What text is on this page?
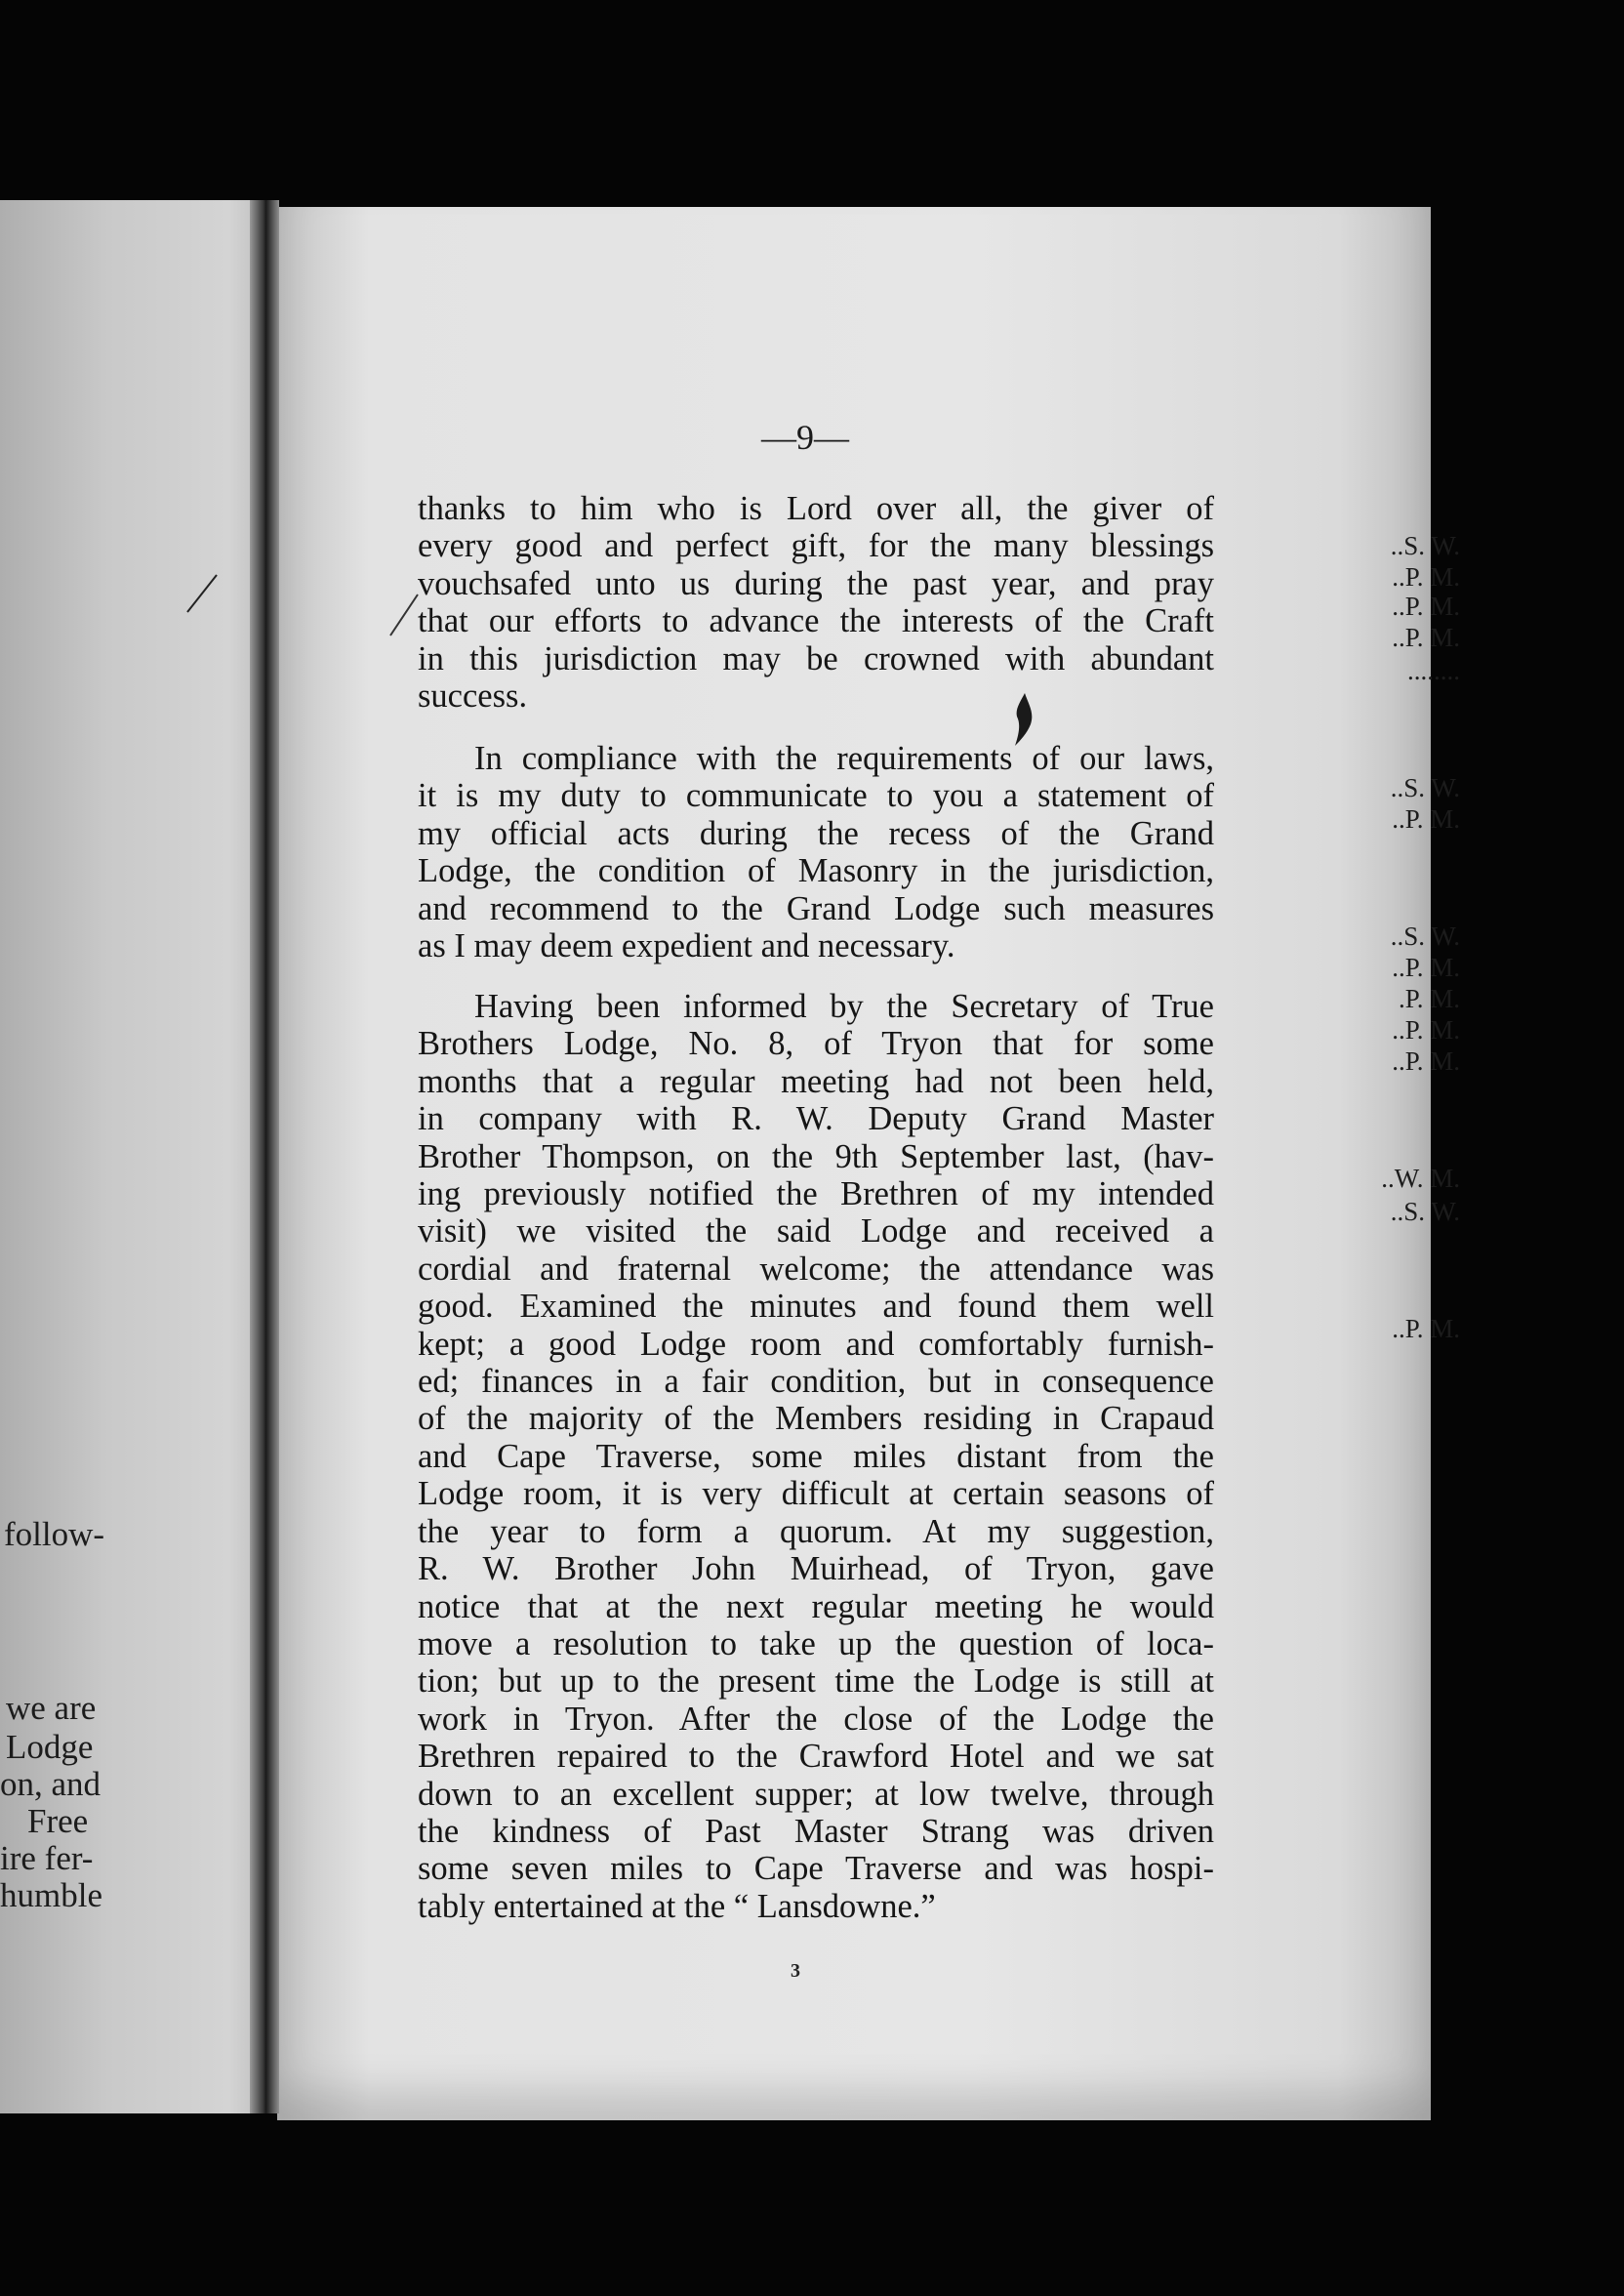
..S. W.
..P. M.
..P. M.
..P. M.
........
..S. W.
..P. M.
..S. W.
..P. M.
.P. M.
..P. M.
..P. M.
..W. M.
..S. W.
..P. M.
follow-
we are
Lodge
on, and
Free
ire fer-
humble
—9—
thanks to him who is Lord over all, the giver of
every good and perfect gift, for the many blessings
vouchsafed unto us during the past year, and pray
that our efforts to advance the interests of the Craft
in this jurisdiction may be crowned with abundant
success.
In compliance with the requirements of our laws,
it is my duty to communicate to you a statement of
my official acts during the recess of the Grand
Lodge, the condition of Masonry in the jurisdiction,
and recommend to the Grand Lodge such measures
as I may deem expedient and necessary.
Having been informed by the Secretary of True
Brothers Lodge, No. 8, of Tryon that for some
months that a regular meeting had not been held,
in company with R. W. Deputy Grand Master
Brother Thompson, on the 9th September last, (hav-
ing previously notified the Brethren of my intended
visit) we visited the said Lodge and received a
cordial and fraternal welcome; the attendance was
good. Examined the minutes and found them well
kept; a good Lodge room and comfortably furnish-
ed; finances in a fair condition, but in consequence
of the majority of the Members residing in Crapaud
and Cape Traverse, some miles distant from the
Lodge room, it is very difficult at certain seasons of
the year to form a quorum. At my suggestion,
R. W. Brother John Muirhead, of Tryon, gave
notice that at the next regular meeting he would
move a resolution to take up the question of loca-
tion; but up to the present time the Lodge is still at
work in Tryon. After the close of the Lodge the
Brethren repaired to the Crawford Hotel and we sat
down to an excellent supper; at low twelve, through
the kindness of Past Master Strang was driven
some seven miles to Cape Traverse and was hospi-
tably entertained at the “ Lansdowne.”
3
